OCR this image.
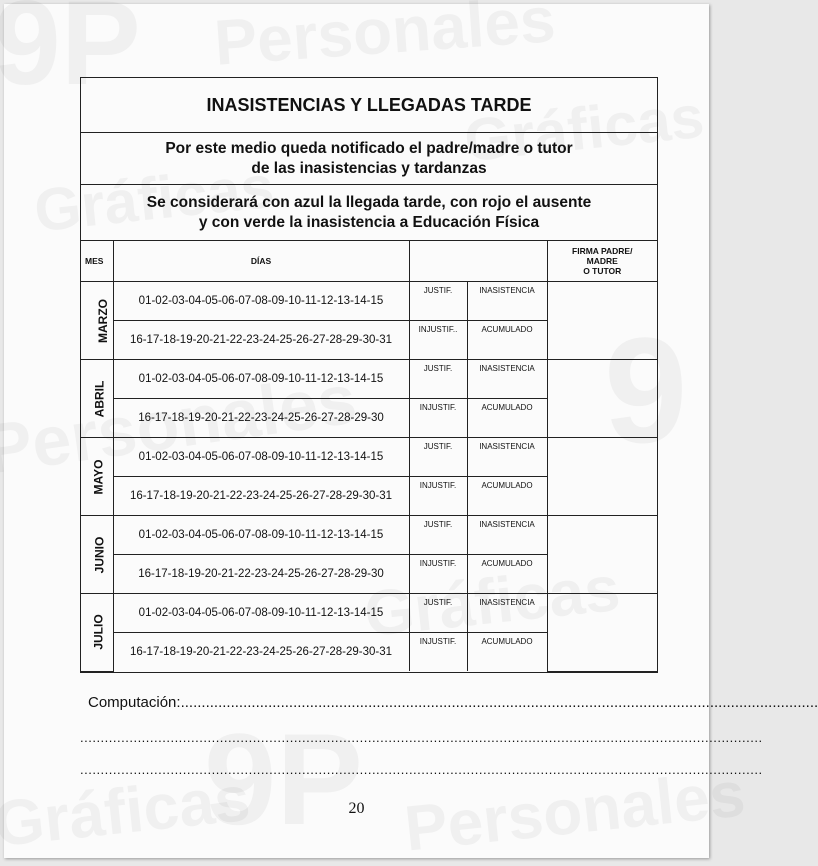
INASISTENCIAS Y LLEGADAS TARDE
Por este medio queda notificado el padre/madre o tutor
de las inasistencias y tardanzas
Se considerará con azul la llegada tarde, con rojo el ausente
y con verde la inasistencia a Educación Física
MES	DÍAS			FIRMA PADRE/
MADRE
O TUTOR

MARZO	01-02-03-04-05-06-07-08-09-10-11-12-13-14-15	JUSTIF.	INASISTENCIA	
	16-17-18-19-20-21-22-23-24-25-26-27-28-29-30-31	INJUSTIF..	ACUMULADO	
ABRIL	01-02-03-04-05-06-07-08-09-10-11-12-13-14-15	JUSTIF.	INASISTENCIA	
	16-17-18-19-20-21-22-23-24-25-26-27-28-29-30	INJUSTIF.	ACUMULADO	
MAYO	01-02-03-04-05-06-07-08-09-10-11-12-13-14-15	JUSTIF.	INASISTENCIA	
	16-17-18-19-20-21-22-23-24-25-26-27-28-29-30-31	INJUSTIF.	ACUMULADO	
JUNIO	01-02-03-04-05-06-07-08-09-10-11-12-13-14-15	JUSTIF.	INASISTENCIA	
	16-17-18-19-20-21-22-23-24-25-26-27-28-29-30	INJUSTIF.	ACUMULADO	
JULIO	01-02-03-04-05-06-07-08-09-10-11-12-13-14-15	JUSTIF.	INASISTENCIA	
	16-17-18-19-20-21-22-23-24-25-26-27-28-29-30-31	INJUSTIF.	ACUMULADO	
Computación:.........................................................................................................................................................
......................................................................................................................................................................
......................................................................................................................................................................
20
